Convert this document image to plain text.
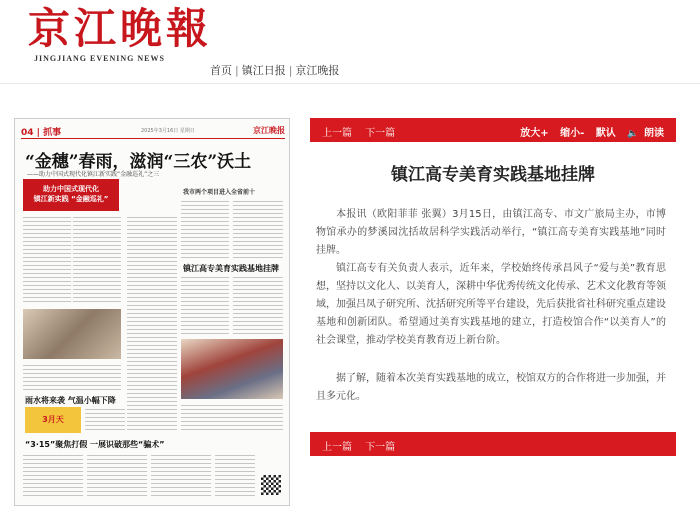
京江晚報
JINGJIANG EVENING NEWS
首页 | 镇江日报 | 京江晚报
04 | 抓事	2025年3月16日 星期日	京江晚报
“金穗”春雨，滋润“三农”沃土
——助力中国式现代化镇江新实践“金融巡礼”之三
助力中国式现代化
镇江新实践 “金融巡礼”
雨水将来袭 气温小幅下降
3月天
我市两个项目进入全省前十
镇江高专美育实践基地挂牌
“3·15”聚焦打假 一展识破那些“骗术”
上一篇 下一篇	放大+ 缩小- 默认 🔈 朗读
镇江高专美育实践基地挂牌

本报讯（欧阳菲菲 张翼）3月15日，由镇江高专、市文广旅局主办，市博物馆承办的梦溪园沈括故居科学实践活动举行，“镇江高专美育实践基地”同时挂牌。

镇江高专有关负责人表示，近年来，学校始终传承昌风子“爱与美”教育思想，坚持以文化人、以美育人，深耕中华优秀传统文化传承、艺术文化教育等领域，加强吕凤子研究所、沈括研究所等平台建设，先后获批省社科研究重点建设基地和创新团队。希望通过美育实践基地的建立，打造校馆合作“以美育人”的社会课堂，推动学校美育教育迈上新台阶。

据了解，随着本次美育实践基地的成立，校馆双方的合作将进一步加强，并且多元化。

上一篇 下一篇
